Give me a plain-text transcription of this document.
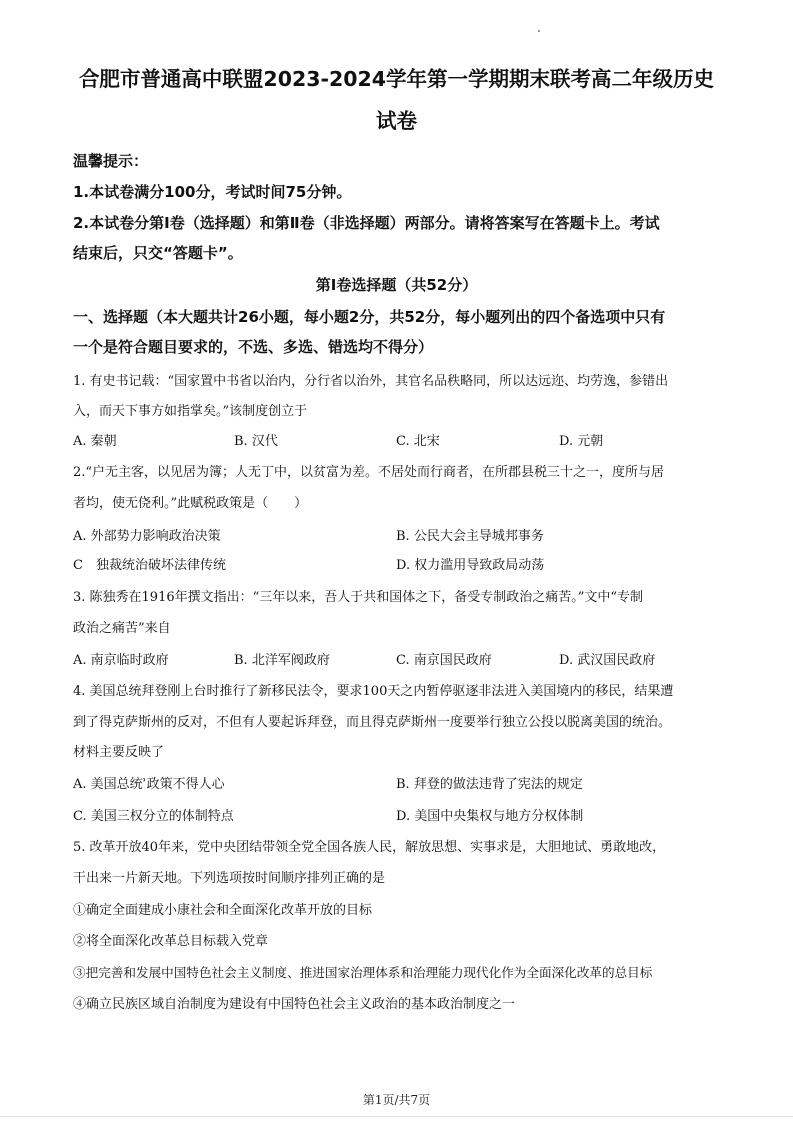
合肥市普通高中联盟2023-2024学年第一学期期末联考高二年级历史
试卷
温馨提示：
1.本试卷满分100分，考试时间75分钟。
2.本试卷分第Ⅰ卷（选择题）和第Ⅱ卷（非选择题）两部分。请将答案写在答题卡上。考试
结束后，只交“答题卡”。
第Ⅰ卷选择题（共52分）
一、选择题（本大题共计26小题，每小题2分，共52分，每小题列出的四个备选项中只有
一个是符合题目要求的，不选、多选、错选均不得分）
1. 有史书记载：“国家置中书省以治内，分行省以治外，其官名品秩略同，所以达远迩、均劳逸，参错出
入，而天下事方如指掌矣。”该制度创立于
A. 秦朝	B. 汉代	C. 北宋	D. 元朝
2.“户无主客，以见居为簿；人无丁中，以贫富为差。不居处而行商者，在所郡县税三十之一，度所与居
者均，使无侥利。”此赋税政策是（　　）
A. 外部势力影响政治决策	B. 公民大会主导城邦事务
C　独裁统治破坏法律传统	D. 权力滥用导致政局动荡
3. 陈独秀在1916年撰文指出：“三年以来，吾人于共和国体之下，备受专制政治之痛苦。”文中“专制
政治之痛苦”来自
A. 南京临时政府	B. 北洋军阀政府	C. 南京国民政府	D. 武汉国民政府
4. 美国总统拜登刚上台时推行了新移民法令，要求100天之内暂停驱逐非法进入美国境内的移民，结果遭
到了得克萨斯州的反对，不但有人要起诉拜登，而且得克萨斯州一度要举行独立公投以脱离美国的统治。
材料主要反映了
A. 美国总统ʾ政策不得人心	B. 拜登的做法违背了宪法的规定
C. 美国三权分立的体制特点	D. 美国中央集权与地方分权体制
5. 改革开放40年来，党中央团结带领全党全国各族人民，解放思想、实事求是，大胆地试、勇敢地改，
干出来一片新天地。下列选项按时间顺序排列正确的是
①确定全面建成小康社会和全面深化改革开放的目标
②将全面深化改革总目标载入党章
③把完善和发展中国特色社会主义制度、推进国家治理体系和治理能力现代化作为全面深化改革的总目标
④确立民族区域自治制度为建设有中国特色社会主义政治的基本政治制度之一
第1页/共7页
